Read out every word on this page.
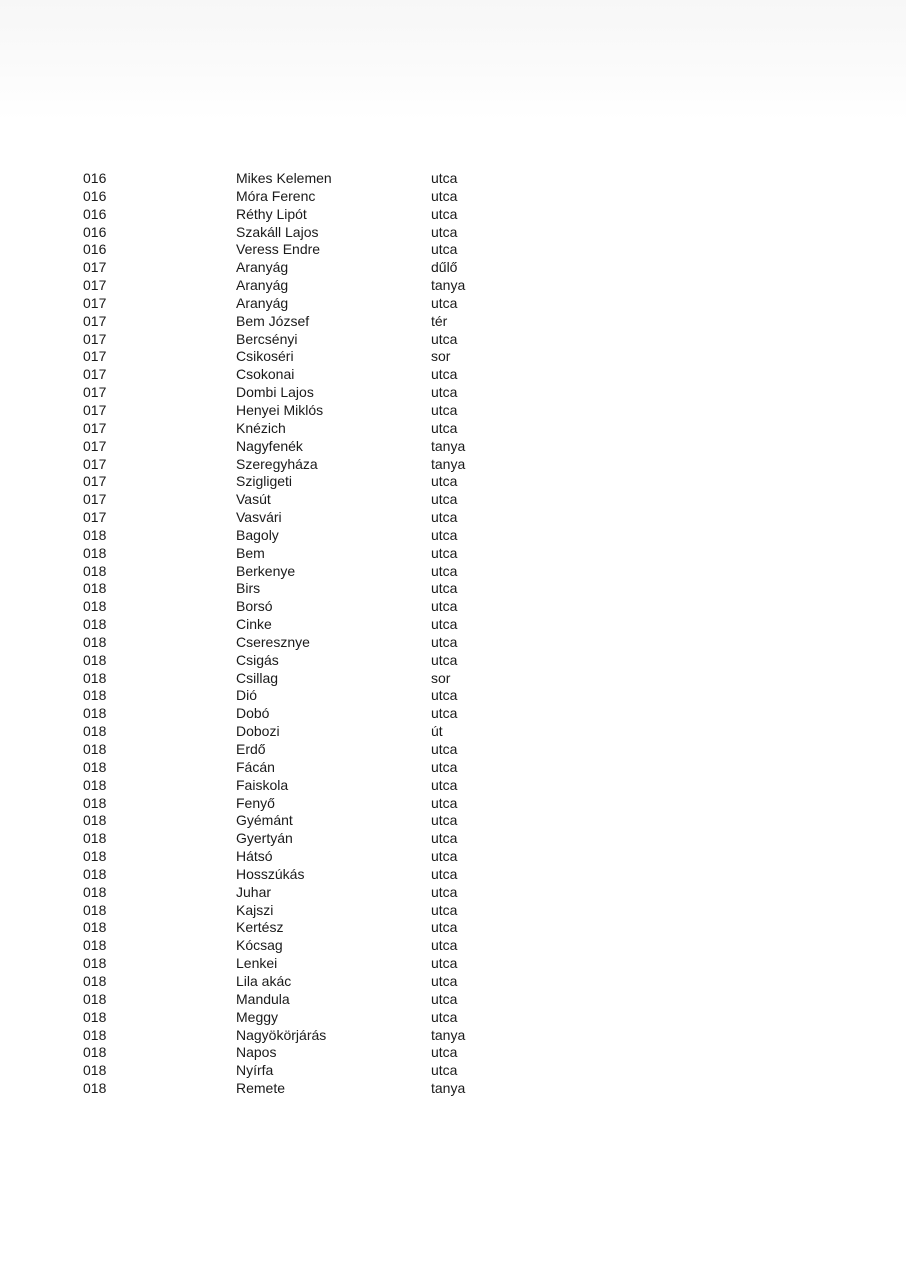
016	Mikes Kelemen	utca
016	Móra Ferenc	utca
016	Réthy Lipót	utca
016	Szakáll Lajos	utca
016	Veress Endre	utca
017	Aranyág	dűlő
017	Aranyág	tanya
017	Aranyág	utca
017	Bem József	tér
017	Bercsényi	utca
017	Csikoséri	sor
017	Csokonai	utca
017	Dombi Lajos	utca
017	Henyei Miklós	utca
017	Knézich	utca
017	Nagyfenék	tanya
017	Szeregyháza	tanya
017	Szigligeti	utca
017	Vasút	utca
017	Vasvári	utca
018	Bagoly	utca
018	Bem	utca
018	Berkenye	utca
018	Birs	utca
018	Borsó	utca
018	Cinke	utca
018	Cseresznye	utca
018	Csigás	utca
018	Csillag	sor
018	Dió	utca
018	Dobó	utca
018	Dobozi	út
018	Erdő	utca
018	Fácán	utca
018	Faiskola	utca
018	Fenyő	utca
018	Gyémánt	utca
018	Gyertyán	utca
018	Hátsó	utca
018	Hosszúkás	utca
018	Juhar	utca
018	Kajszi	utca
018	Kertész	utca
018	Kócsag	utca
018	Lenkei	utca
018	Lila akác	utca
018	Mandula	utca
018	Meggy	utca
018	Nagyökörjárás	tanya
018	Napos	utca
018	Nyírfa	utca
018	Remete	tanya
